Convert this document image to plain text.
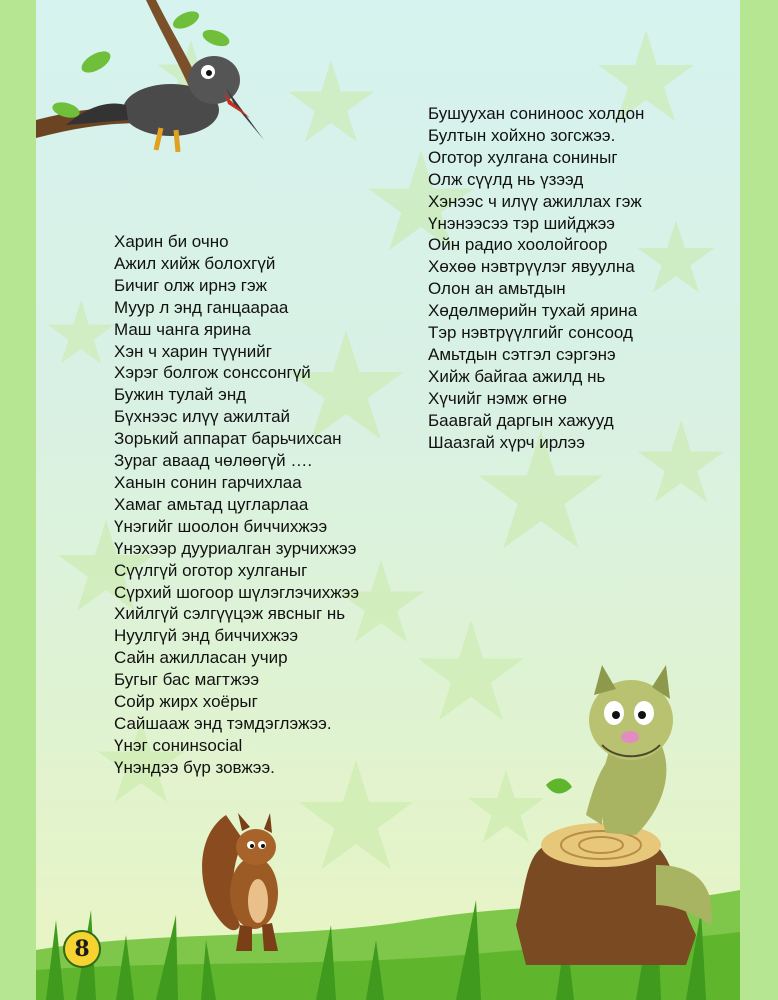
Харин би очно
Ажил хийж болохгүй
Бичиг олж ирнэ гэж
Муур л энд ганцаараа
Маш чанга ярина
Хэн ч харин түүнийг
Хэрэг болгож сонссонгүй
Бужин тулай энд
Бүхнээс илүү ажилтай
Зорький аппарат барьчихсан
Зураг аваад чөлөөгүй ….
Ханын сонин гарчихлаа
Хамаг амьтад цугларлаа
Үнэгийг шоолон биччихжээ
Үнэхээр дууриалган зурчихжээ
Сүүлгүй оготор хулганыг
Сүрхий шогоор шүлэглэчихжээ
Хийлгүй сэлгүүцэж явсныг нь
Нуулгүй энд биччихжээ
Сайн ажилласан учир
Бугыг бас магтжээ
Сойр жирх хоёрыг
Сайшааж энд тэмдэглэжээ.
Үнэг сонинsocial
Үнэндээ бүр зовжээ.
Бушуухан сониноос холдон
Бултын хойхно зогсжээ.
Оготор хулгана сониныг
Олж сүүлд нь үзээд
Хэнээс ч илүү ажиллах гэж
Үнэнээсээ тэр шийджээ
Ойн радио хоолойгоор
Хөхөө нэвтрүүлэг явуулна
Олон ан амьтдын
Хөдөлмөрийн тухай ярина
Тэр нэвтрүүлгийг сонсоод
Амьтдын сэтгэл сэргэнэ
Хийж байгаа ажилд нь
Хүчийг нэмж өгнө
Баавгай даргын хажууд
Шаазгай хүрч ирлээ
8
